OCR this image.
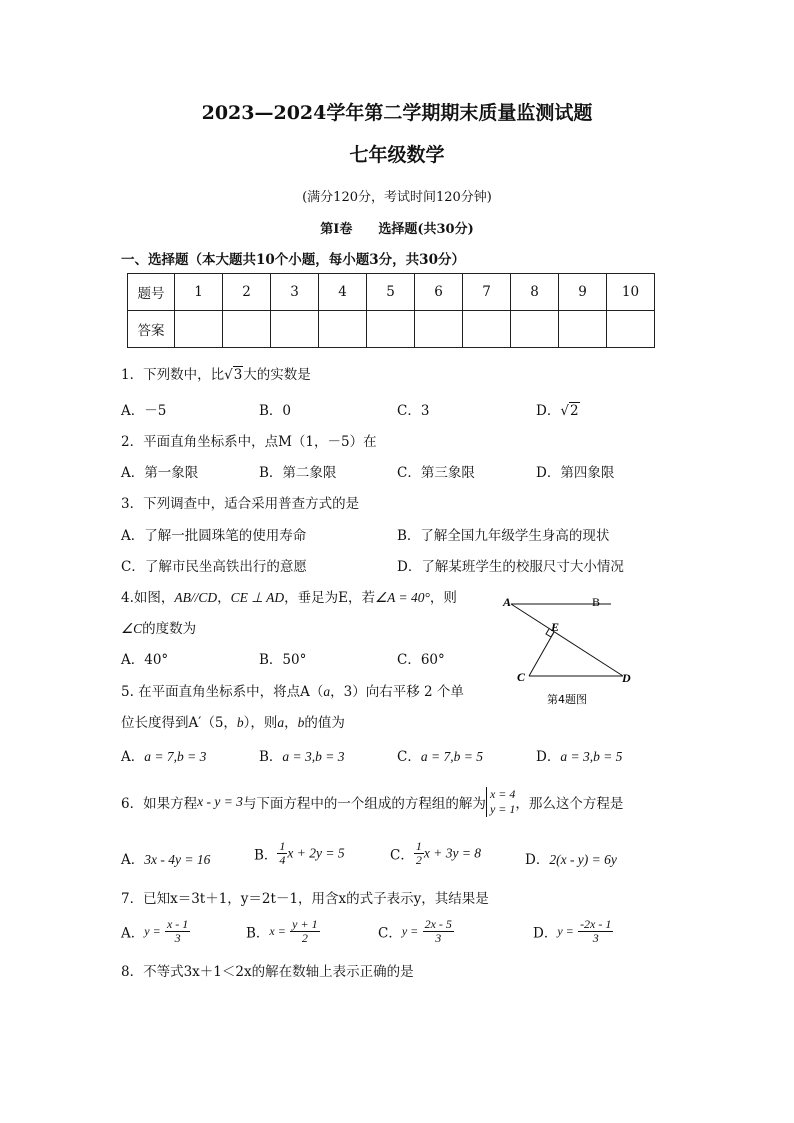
2023—2024学年第二学期期末质量监测试题
七年级数学
(满分120分，考试时间120分钟)
第Ⅰ卷　　选择题(共30分)
一、选择题（本大题共10个小题，每小题3分，共30分）
题号	1	2	3	4	5	6	7	8	9	10
答案										
1．下列数中，比√3大的实数是
A．－5	B．0	C．3	D．√2
2．平面直角坐标系中，点M（1，－5）在
A．第一象限	B．第二象限	C．第三象限	D．第四象限
3．下列调查中，适合采用普查方式的是
A．了解一批圆珠笔的使用寿命	B．了解全国九年级学生身高的现状
C．了解市民坐高铁出行的意愿	D．了解某班学生的校服尺寸大小情况
4.如图，AB//CD，CE ⊥ AD，垂足为E，若∠A = 40°，则
∠C的度数为
A．40°	B．50°	C．60°
A	B
E
C	D
第4题图
5. 在平面直角坐标系中，将点A（a，3）向右平移 2 个单
位长度得到A′（5，b），则a，b的值为
A．a = 7,b = 3	B．a = 3,b = 3	C．a = 7,b = 5	D．a = 3,b = 5
6．如果方程x - y = 3与下面方程中的一个组成的方程组的解为
x = 4
y = 1 ，那么这个方程是
A．3x - 4y = 16	B． $\frac{1}{4}$ x + 2y = 5	C． $\frac{1}{2}$ x + 3y = 8	D．2(x - y) = 6y
7．已知x＝3t＋1，y＝2t－1，用含x的式子表示y，其结果是
A．$y = \frac{x - 1}{3}$	B．$x = \frac{y + 1}{2}$	C．$y = \frac{2x - 5}{3}$	D．$y = \frac{-2x - 1}{3}$
8．不等式3x＋1＜2x的解在数轴上表示正确的是
